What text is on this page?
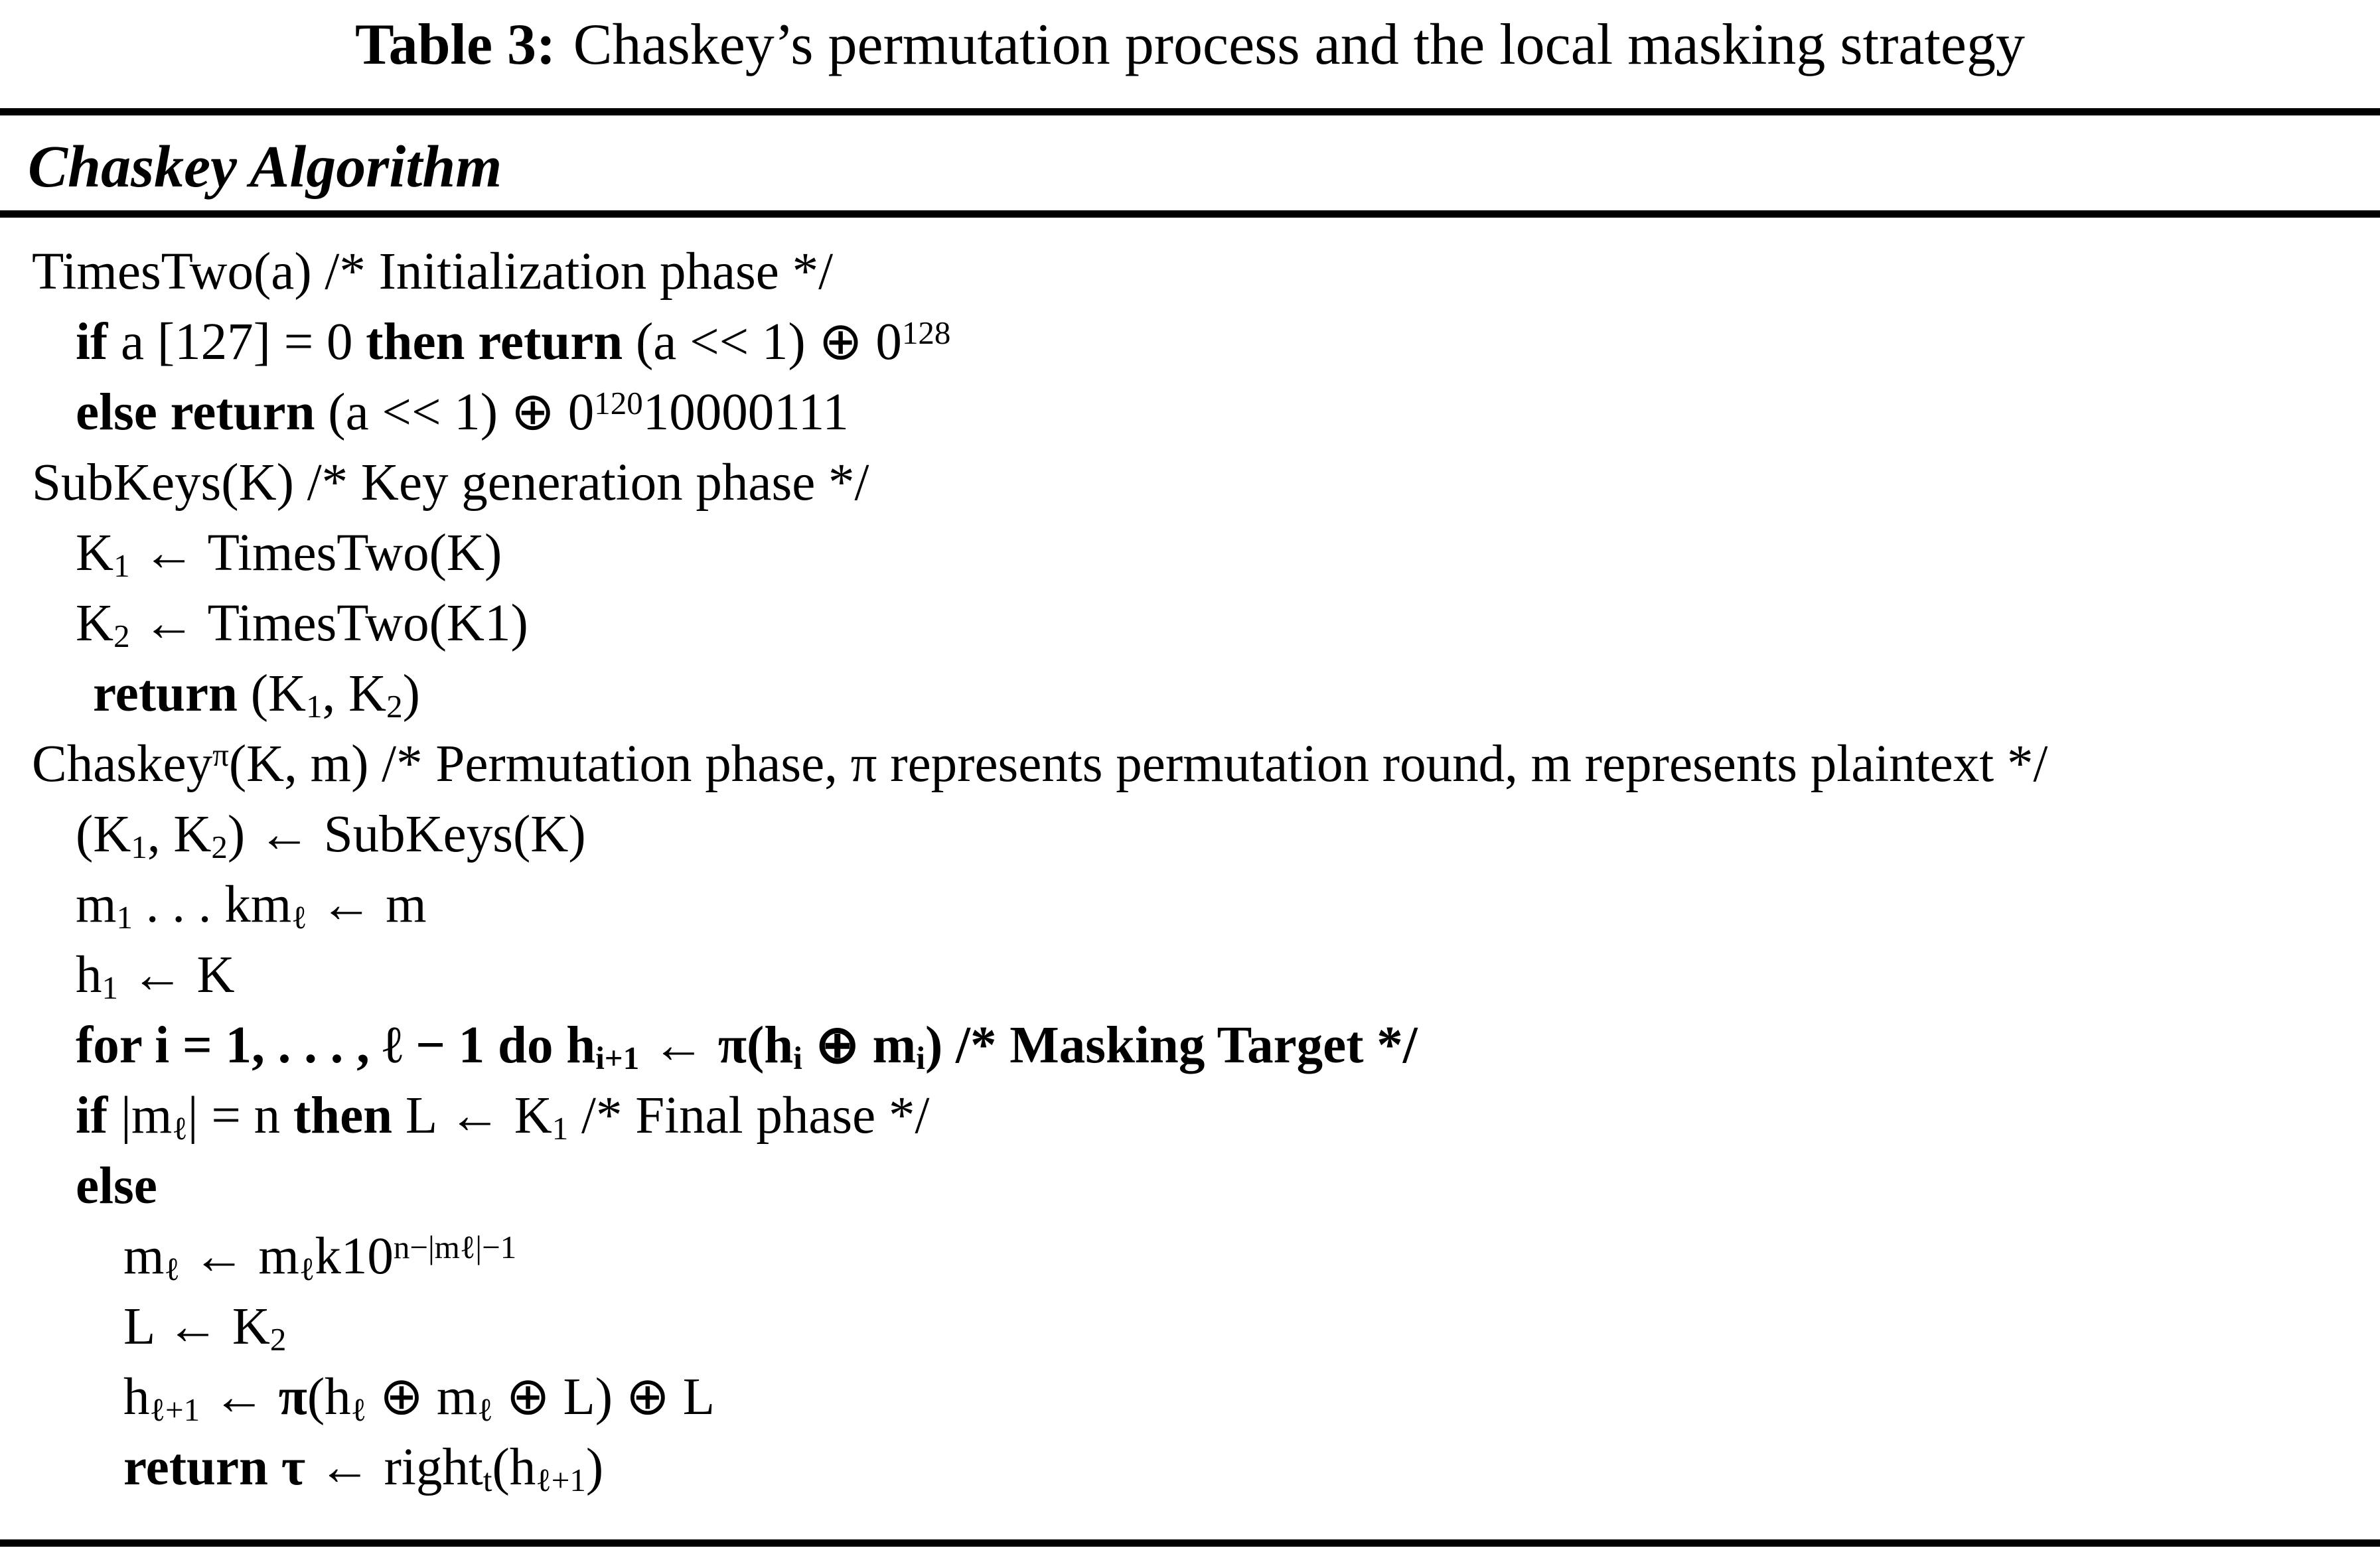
Table 3: Chaskey’s permutation process and the local masking strategy
Chaskey Algorithm
TimesTwo(a) /* Initialization phase */
if a [127] = 0 then return (a << 1) ⊕ $0^{128}$
else return (a << 1) ⊕ $0^{120}10000111$
SubKeys(K) /* Key generation phase */
K1 ← TimesTwo(K)
K2 ← TimesTwo(K1)
return (K1, K2)
Chaskey$^\pi$(K, m) /* Permutation phase, π represents permutation round, m represents plaintext */
(K1, K2) ← SubKeys(K)
m1 . . . kmℓ ← m
h1 ← K
for i = 1, . . . , ℓ − 1 do hi+1 ← π(hi ⊕ mi) /* Masking Target */
if |mℓ| = n then L ← K1 /* Final phase */
else
mℓ ← $m\ell k10^{n-|m\ell|-1}$
L ← K2
hℓ+1 ← π(hℓ ⊕ mℓ ⊕ L) ⊕ L
return τ ← rightt(hℓ+1)
